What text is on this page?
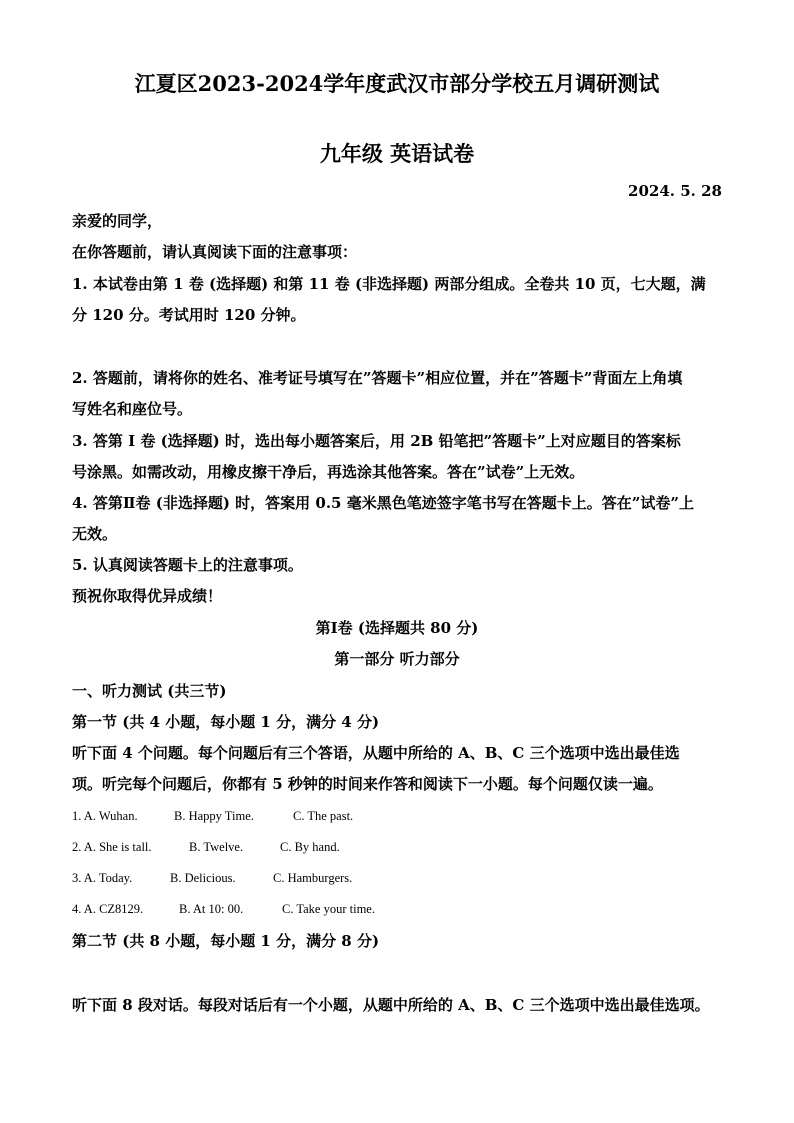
江夏区2023-2024学年度武汉市部分学校五月调研测试
九年级 英语试卷
2024. 5. 28
亲爱的同学，
在你答题前，请认真阅读下面的注意事项：
1. 本试卷由第 1 卷 (选择题) 和第 11 卷 (非选择题) 两部分组成。全卷共 10 页，七大题，满
分 120 分。考试用时 120 分钟。
2. 答题前，请将你的姓名、准考证号填写在”答题卡”相应位置，并在”答题卡”背面左上角填
写姓名和座位号。
3. 答第 Ⅰ 卷 (选择题) 时，选出每小题答案后，用 2B 铅笔把”答题卡”上对应题目的答案标
号涂黑。如需改动，用橡皮擦干净后，再选涂其他答案。答在”试卷”上无效。
4. 答第Ⅱ卷 (非选择题) 时，答案用 0.5 毫米黑色笔迹签字笔书写在答题卡上。答在”试卷”上
无效。
5. 认真阅读答题卡上的注意事项。
预祝你取得优异成绩！
第Ⅰ卷 (选择题共 80 分)
第一部分 听力部分
一、听力测试 (共三节)
第一节 (共 4 小题，每小题 1 分，满分 4 分)
听下面 4 个问题。每个问题后有三个答语，从题中所给的 A、B、C 三个选项中选出最佳选
项。听完每个问题后，你都有 5 秒钟的时间来作答和阅读下一小题。每个问题仅读一遍。
1. A. Wuhan.	B. Happy Time.	C. The past.
2. A. She is tall.	B. Twelve.	C. By hand.
3. A. Today.	B. Delicious.	C. Hamburgers.
4. A. CZ8129.	B. At 10: 00.	C. Take your time.
第二节 (共 8 小题，每小题 1 分，满分 8 分)
听下面 8 段对话。每段对话后有一个小题，从题中所给的 A、B、C 三个选项中选出最佳选项。
